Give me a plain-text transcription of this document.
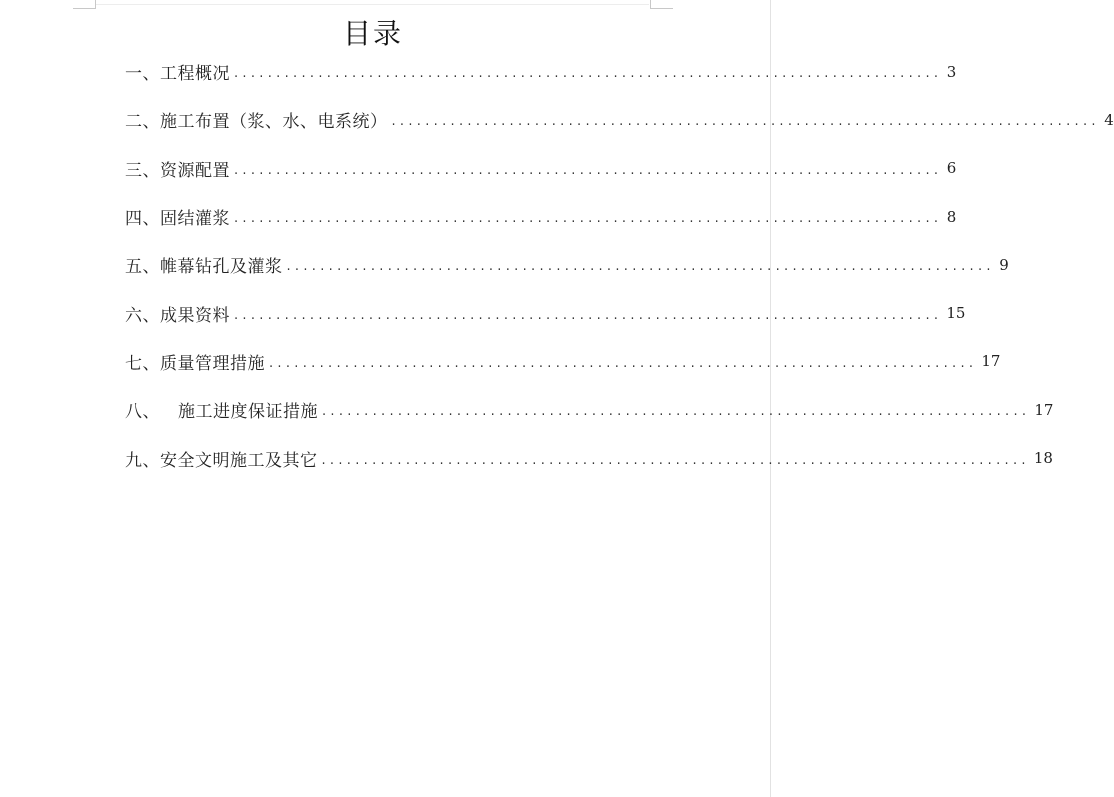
目录
一、工程概况 .................................................................................... 3
二、施工布置（浆、水、电系统） .................................................................................... 4
三、资源配置 .................................................................................... 6
四、固结灌浆 .................................................................................... 8
五、帷幕钻孔及灌浆 .................................................................................... 9
六、成果资料 .................................................................................... 15
七、质量管理措施 .................................................................................... 17
八、 施工进度保证措施 .................................................................................... 17
九、安全文明施工及其它 .................................................................................... 18
